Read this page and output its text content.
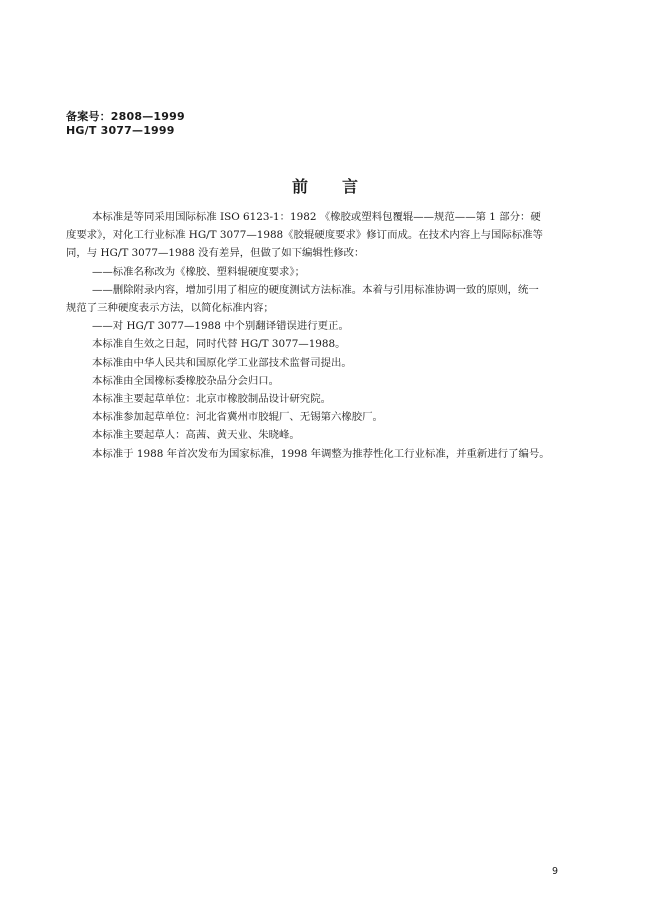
备案号：2808—1999
HG/T 3077—1999
前言
本标准是等同采用国际标准 ISO 6123-1：1982 《橡胶或塑料包覆辊——规范——第 1 部分：硬
度要求》，对化工行业标准 HG/T 3077—1988《胶辊硬度要求》修订而成。在技术内容上与国际标准等
同，与 HG/T 3077—1988 没有差异，但做了如下编辑性修改：
——标准名称改为《橡胶、塑料辊硬度要求》；
——删除附录内容，增加引用了相应的硬度测试方法标准。本着与引用标准协调一致的原则，统一
规范了三种硬度表示方法，以简化标准内容；
——对 HG/T 3077—1988 中个别翻译错误进行更正。
本标准自生效之日起，同时代替 HG/T 3077—1988。
本标准由中华人民共和国原化学工业部技术监督司提出。
本标准由全国橡标委橡胶杂品分会归口。
本标准主要起草单位：北京市橡胶制品设计研究院。
本标准参加起草单位：河北省冀州市胶辊厂、无锡第六橡胶厂。
本标准主要起草人：高茜、黄天业、朱晓峰。
本标准于 1988 年首次发布为国家标准，1998 年调整为推荐性化工行业标准，并重新进行了编号。
9
